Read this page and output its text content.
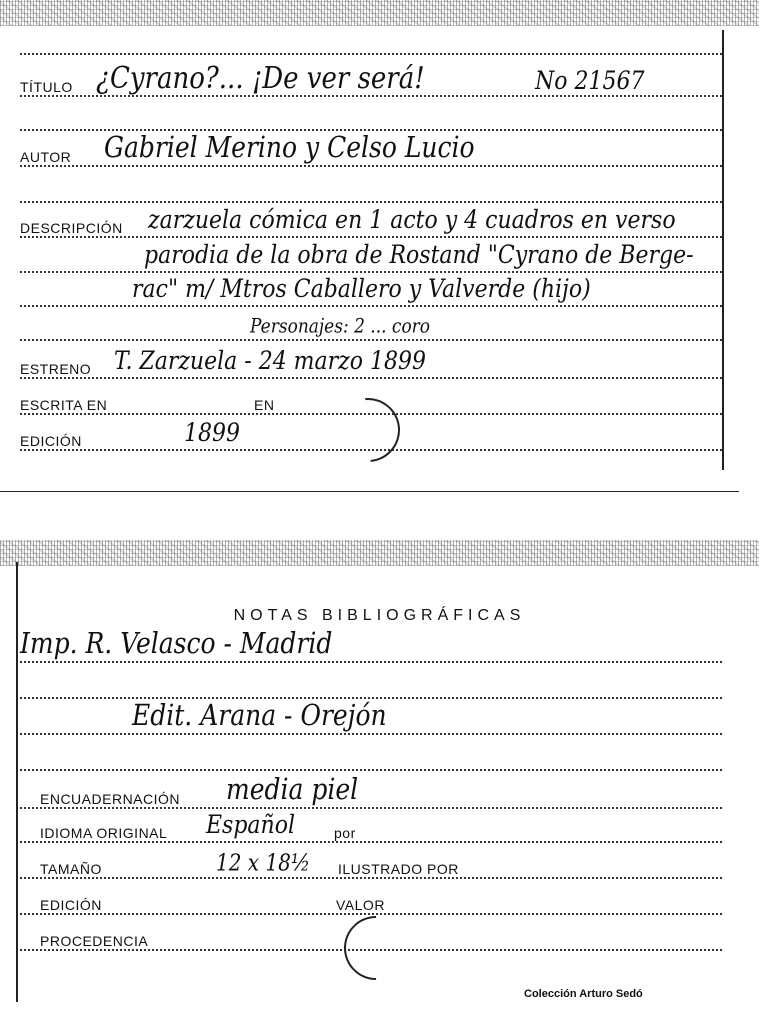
TÍTULO ¿Cyrano?... ¡De ver será!	No 21567
AUTOR Gabriel Merino y Celso Lucio
DESCRIPCIÓN zarzuela cómica en 1 acto y 4 cuadros en verso
parodia de la obra de Rostand "Cyrano de Berge-
rac" m/ Mtros Caballero y Valverde (hijo)
Personajes: 2 ... coro
ESTRENO T. Zarzuela - 24 marzo 1899
ESCRITA EN	EN
EDICIÓN	1899
NOTAS BIBLIOGRÁFICAS
Imp. R. Velasco - Madrid
Edit. Arana - Orejón
ENCUADERNACIÓN media piel
IDIOMA ORIGINAL Español	por
TAMAÑO	12 x 18½ ILUSTRADO POR
EDICIÓN	VALOR
PROCEDENCIA
Colección Arturo Sedó
